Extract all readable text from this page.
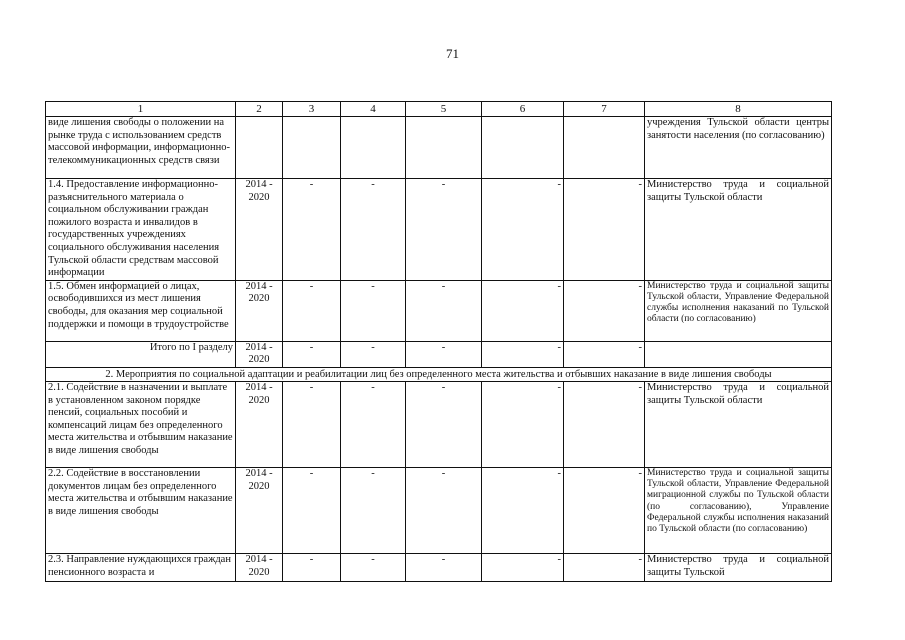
71
1	2	3	4	5	6	7	8
виде лишения свободы о положении на рынке труда с использованием средств массовой информации, информационно-телекоммуникационных средств связи							учреждения Тульской области центры занятости населения (по согласованию)
1.4. Предоставление информационно-разъяснительного материала о социальном обслуживании граждан пожилого возраста и инвалидов в государственных учреждениях социального обслуживания населения Тульской области средствам массовой информации	2014 - 2020	-	-	-	-	-	Министерство труда и социальной защиты Тульской области
1.5. Обмен информацией о лицах, освободившихся из мест лишения свободы, для оказания мер социальной поддержки и помощи в трудоустройстве	2014 - 2020	-	-	-	-	-	Министерство труда и социальной защиты Тульской области, Управление Федеральной службы исполнения наказаний по Тульской области (по согласованию)
Итого по I разделу	2014 - 2020	-	-	-	-	-	
2. Мероприятия по социальной адаптации и реабилитации лиц без определенного места жительства и отбывших наказание в виде лишения свободы							
2.1. Содействие в назначении и выплате в установленном законом порядке пенсий, социальных пособий и компенсаций лицам без определенного места жительства и отбывшим наказание в виде лишения свободы	2014 - 2020	-	-	-	-	-	Министерство труда и социальной защиты Тульской области
2.2. Содействие в восстановлении документов лицам без определенного места жительства и отбывшим наказание в виде лишения свободы	2014 - 2020	-	-	-	-	-	Министерство труда и социальной защиты Тульской области, Управление Федеральной миграционной службы по Тульской области (по согласованию), Управление Федеральной службы исполнения наказаний по Тульской области (по согласованию)
2.3. Направление нуждающихся граждан пенсионного возраста и	2014 - 2020	-	-	-	-	-	Министерство труда и социальной защиты Тульской
